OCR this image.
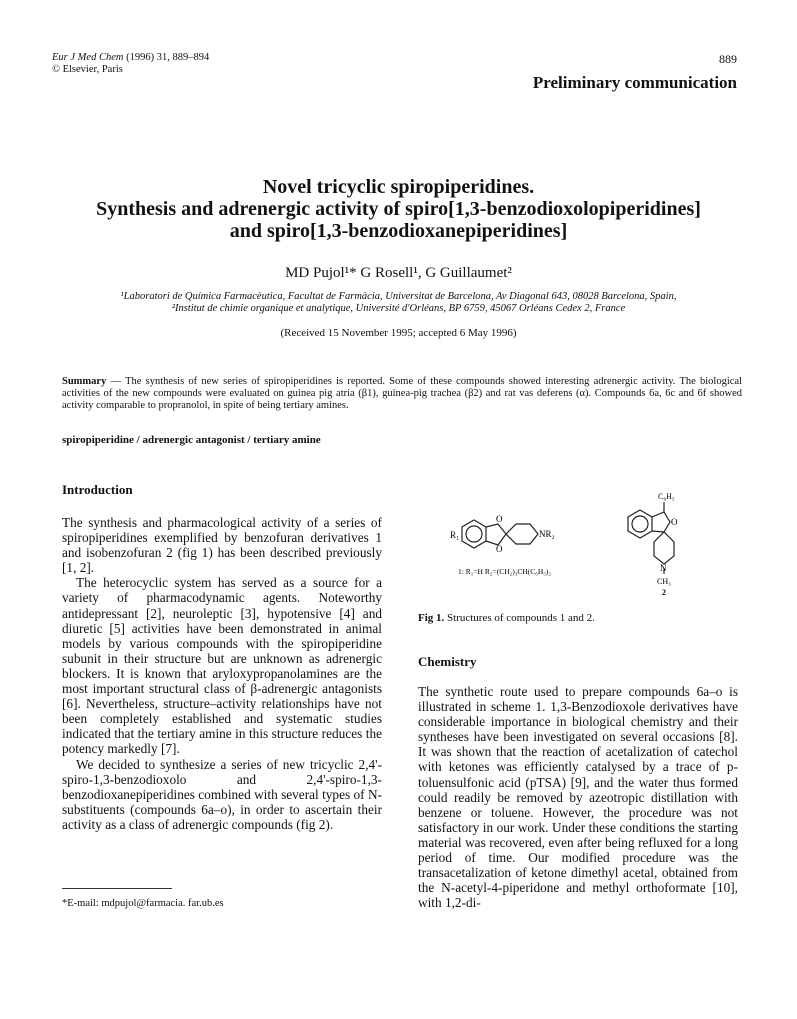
Eur J Med Chem (1996) 31, 889–894
© Elsevier, Paris
889
Preliminary communication
Novel tricyclic spiropiperidines.
Synthesis and adrenergic activity of spiro[1,3-benzodioxolopiperidines]
and spiro[1,3-benzodioxanepiperidines]
MD Pujol¹* G Rosell¹, G Guillaumet²
¹Laboratori de Química Farmacèutica, Facultat de Farmàcia, Universitat de Barcelona, Av Diagonal 643, 08028 Barcelona, Spain,
²Institut de chimie organique et analytique, Université d'Orléans, BP 6759, 45067 Orléans Cedex 2, France
(Received 15 November 1995; accepted 6 May 1996)
Summary — The synthesis of new series of spiropiperidines is reported. Some of these compounds showed interesting adrenergic activity. The biological activities of the new compounds were evaluated on guinea pig atria (β1), guinea-pig trachea (β2) and rat vas deferens (α). Compounds 6a, 6c and 6f showed activity comparable to propranolol, in spite of being tertiary amines.
spiropiperidine / adrenergic antagonist / tertiary amine
Introduction

The synthesis and pharmacological activity of a series of spiropiperidines exemplified by benzofuran derivatives 1 and isobenzofuran 2 (fig 1) has been described previously [1, 2].

The heterocyclic system has served as a source for a variety of pharmacodynamic agents. Noteworthy antidepressant [2], neuroleptic [3], hypotensive [4] and diuretic [5] activities have been demonstrated in animal models by various compounds with the spiropiperidine subunit in their structure but are unknown as adrenergic blockers. It is known that aryloxypropanolamines are the most important structural class of β-adrenergic antagonists [6]. Nevertheless, structure–activity relationships have not been completely established and systematic studies indicated that the tertiary amine in this structure reduces the potency markedly [7].

We decided to synthesize a series of new tricyclic 2,4'-spiro-1,3-benzodioxolo and 2,4'-spiro-1,3-benzodioxanepiperidines combined with several types of N-substituents (compounds 6a–o), in order to ascertain their activity as a class of adrenergic compounds (fig 2).

*E-mail: mdpujol@farmacia. far.ub.es
R₁	NR₂
O
O
C₆H₅
O
N
CH₃
1: R₁=H R₂=(CH₂)₃CH(C₆H₅)₂
2
Fig 1. Structures of compounds 1 and 2.
Chemistry

The synthetic route used to prepare compounds 6a–o is illustrated in scheme 1. 1,3-Benzodioxole derivatives have considerable importance in biological chemistry and their syntheses have been investigated on several occasions [8]. It was shown that the reaction of acetalization of catechol with ketones was efficiently catalysed by a trace of p-toluensulfonic acid (pTSA) [9], and the water thus formed could readily be removed by azeotropic distillation with benzene or toluene. However, the procedure was not satisfactory in our work. Under these conditions the starting material was recovered, even after being refluxed for a long period of time. Our modified procedure was the transacetalization of ketone dimethyl acetal, obtained from the N-acetyl-4-piperidone and methyl orthoformate [10], with 1,2-di-
